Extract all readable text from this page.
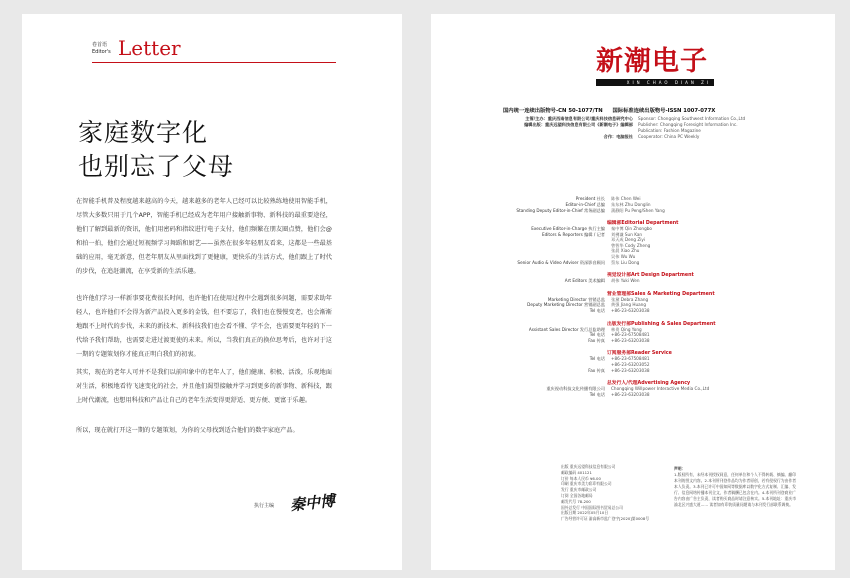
卷首语
Editor's Letter
家庭数字化
也别忘了父母

在智能手机普及程度越来越高的今天，越来越多的老年人已经可以比较熟练地使用智能手机，尽管大多数只用于几个APP，智能手机已经成为老年用户接触新事物、新科技的最重要途径，他们了解到最新的资讯，他们用密码和指纹进行电子支付，他们频繁在朋友圈点赞，他们会@和拍一拍，他们会通过短视频学习舞蹈和厨艺——虽然在很多年轻朋友看来，这都是一些最基础的应用，毫无新意，但老年朋友从里面找到了更健康，更快乐的生活方式，他们跟上了时代的步伐，在追赶潮流，在享受新的生活乐趣。

也许他们学习一样新事要花费很长时间，也许他们在使用过程中会遇到很多问题，需要求助年轻人，也许他们不会得为新产品投入更多的金钱，但不要忘了，我们也在慢慢变老，也会渐渐地跟不上时代的步伐，未来的新技术、新科技我们也会看不懂、学不会，也需要更年轻的下一代给予我们帮助，也需要走进过渡更使的未来。所以，当我们真正的换位思考后，也许对于这一期的专题策划你才能真正明白我们的初衷。

其实，现在的老年人可并不是我们以前印象中的老年人了，他们健康、积极、活泼，乐观地面对生活，积极地看待飞速变化的社会，并且他们渴望接触并学习到更多的新事物、新科技，跟上时代潮流，也想用科技和产品让自己的老年生活变得更舒适、更方便、更富于乐趣。

所以，现在就打开这一期的专题策划，为你的父母找到适合他们的数字家庭产品。

执行主编 秦中博
新潮电子
XIN CHAO DIAN ZI
国内统一连续出版物号-CN 50-1077/TN 国际标准连续出版物号-ISSN 1007-077X
主管/主办：重庆西南信息有限公司/重庆科技信息研究中心 Sponsor: Chongqing Southwest Information Co.,Ltd
编辑出版：重庆远望科技信息有限公司《新潮电子》编辑部 Publisher: Chongqing Foresight Information Inc.
Publication: Fashion Magazine
合作：电脑报社 Cooperator: China PC Weekly
President 社长 陈伟 Chen Wei
Editor-in-Chief 总编 朱东林 Zhu Donglin
Standing Deputy Editor-in-Chief 常务副总编 蒲静阳 Pu Peng/Shen Yang
编辑部Editorial Department
Executive Editor-in-Charge 执行主编 秦中博 Qin Zhongbo
Editors & Reporters 编辑 / 记者 刘佛谦 Sun Kan
邓天成 Deng Ziyi
曾智华 Cody Zheng
张晨 Xiao Zhu
吴伟 Wu Wu
Senior Audio & Video Adviser 资深影音顾问 蔡东 Liu Dong
视觉设计部Art Design Department
Art Editors 美术编辑 胡伟 Yuki Wen
营业管理部Sales & Marketing Department
Marketing Director 营销总监 张黛 Debra Zhang
Deputy Marketing Director 营销副总监 黄强 Jiang Huang
Tel 电话 +86-23-63203038
出版发行部Publishing & Sales Department
Assistant Sales Director 发行总监助理 林贵 Qing Yong
Tel 电话 +86-23-67508481
Fax 传真 +86-23-63203038
订阅服务部Reader Service
Tel 电话 +86-23-67508481
+86-23-63203052
Fax 传真 +86-23-63203038
总发行人/代理Advertising Agency
重庆视动科技文化传播有限公司 Chongqing Willpower Interactive Media Co.,Ltd
Tel 电话 +86-23-63203038
出版 重庆远望科技信息有限公司
邮政编码 401121
订价 每本人民币 ¥6.00
印刷 重庆市美力彩印有限公司
发行 重庆市邮政公司
订阅 全国各地邮局
邮发代号 78-200
国外总发行 中国国际图书贸易总公司
出版日期 2022年05月10日
广告经营许可证 渝高新市监广登字[2020]第0008号
声明：
1.版权所有，未经本刊授权同意，任何单位和个人不得转载、摘编、翻印本刊的图文内容。2.本刊所刊登作品均为作者原创，若有侵权行为由作者本人负责。3.本刊已许可中国知网等数据库以数字化方式复制、汇编、发行、信息网络传播本刊全文，作者稿酬已包含在内。4.本刊所刊登商业广告内容由广告主负责，读者购买商品时请注意核实。5.本刊地址：重庆市渝北区兴盛大道…… 读者如有印装质量问题请与本刊发行部联系调换。
